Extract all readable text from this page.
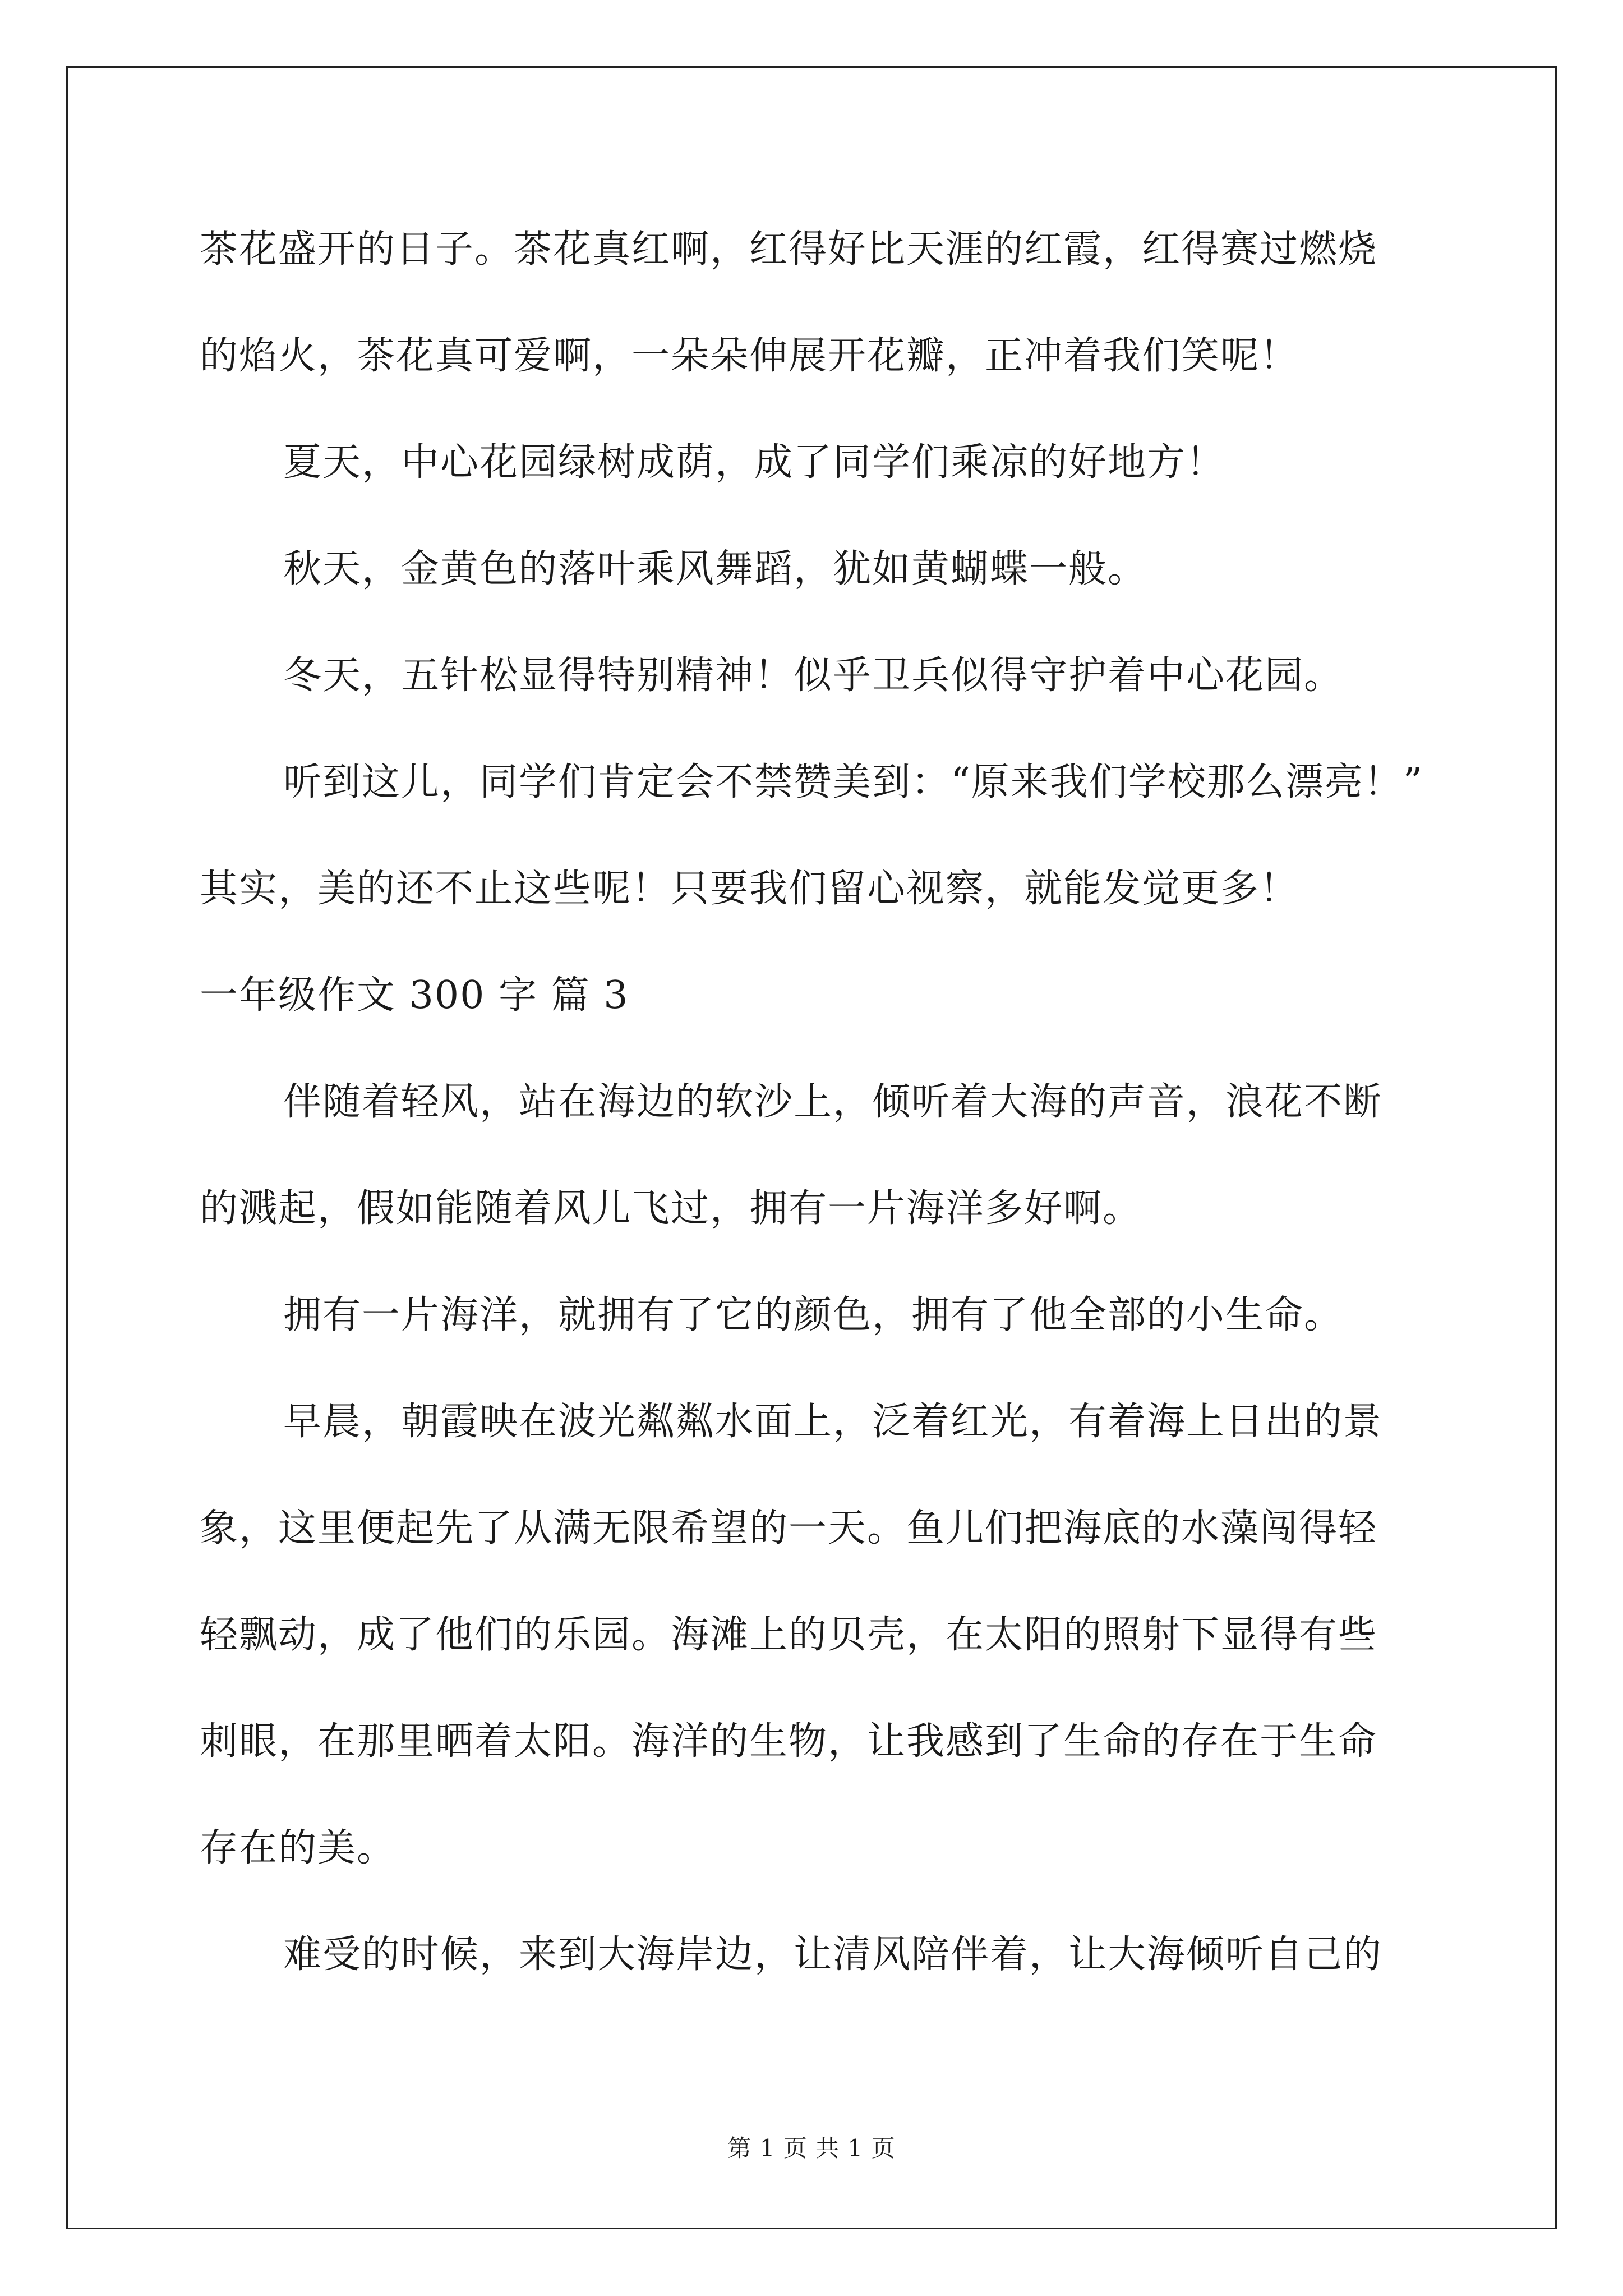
茶花盛开的日子。茶花真红啊，红得好比天涯的红霞，红得赛过燃烧
的焰火，茶花真可爱啊，一朵朵伸展开花瓣，正冲着我们笑呢！
夏天，中心花园绿树成荫，成了同学们乘凉的好地方！
秋天，金黄色的落叶乘风舞蹈，犹如黄蝴蝶一般。
冬天，五针松显得特别精神！似乎卫兵似得守护着中心花园。
听到这儿，同学们肯定会不禁赞美到：“原来我们学校那么漂亮！”
其实，美的还不止这些呢！只要我们留心视察，就能发觉更多！
一年级作文 300 字 篇 3
伴随着轻风，站在海边的软沙上，倾听着大海的声音，浪花不断
的溅起，假如能随着风儿飞过，拥有一片海洋多好啊。
拥有一片海洋，就拥有了它的颜色，拥有了他全部的小生命。
早晨，朝霞映在波光粼粼水面上，泛着红光，有着海上日出的景
象，这里便起先了从满无限希望的一天。鱼儿们把海底的水藻闯得轻
轻飘动，成了他们的乐园。海滩上的贝壳，在太阳的照射下显得有些
刺眼，在那里晒着太阳。海洋的生物，让我感到了生命的存在于生命
存在的美。
难受的时候，来到大海岸边，让清风陪伴着，让大海倾听自己的
第 1 页 共 1 页
